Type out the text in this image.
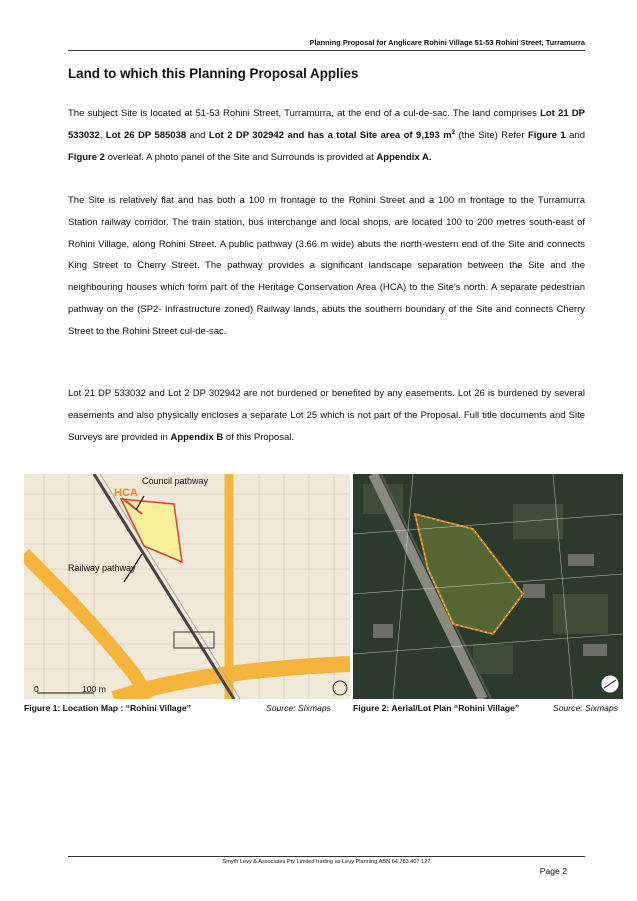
Planning Proposal for Anglicare Rohini Village 51-53 Rohini Street, Turramurra
Land to which this Planning Proposal Applies

The subject Site is located at 51-53 Rohini Street, Turramurra, at the end of a cul-de-sac. The land comprises Lot 21 DP 533032, Lot 26 DP 585038 and Lot 2 DP 302942 and has a total Site area of 9,193 $m^2$ (the Site) Refer Figure 1 and Figure 2 overleaf. A photo panel of the Site and Surrounds is provided at Appendix A.

The Site is relatively flat and has both a 100 m frontage to the Rohini Street and a 100 m frontage to the Turramurra Station railway corridor. The train station, bus interchange and local shops, are located 100 to 200 metres south-east of Rohini Village, along Rohini Street. A public pathway (3.66 m wide) abuts the north-western end of the Site and connects King Street to Cherry Street. The pathway provides a significant landscape separation between the Site and the neighbouring houses which form part of the Heritage Conservation Area (HCA) to the Site’s north. A separate pedestrian pathway on the (SP2- Infrastructure zoned) Railway lands, abuts the southern boundary of the Site and connects Cherry Street to the Rohini Street cul-de-sac.

Lot 21 DP 533032 and Lot 2 DP 302942 are not burdened or benefited by any easements. Lot 26 is burdened by several easements and also physically encloses a separate Lot 25 which is not part of the Proposal. Full title documents and Site Surveys are provided in Appendix B of this Proposal.

Council pathway
HCA
Railway pathway
0	100 m
Figure 1: Location Map : “Rohini Village”	Source: Sixmaps	Figure 2: Aerial/Lot Plan “Rohini Village”	Source: Sixmaps
Smyth Levy & Associates Pty Limited trading as Levy Planning ABN 64 783 407 127
Page 2
